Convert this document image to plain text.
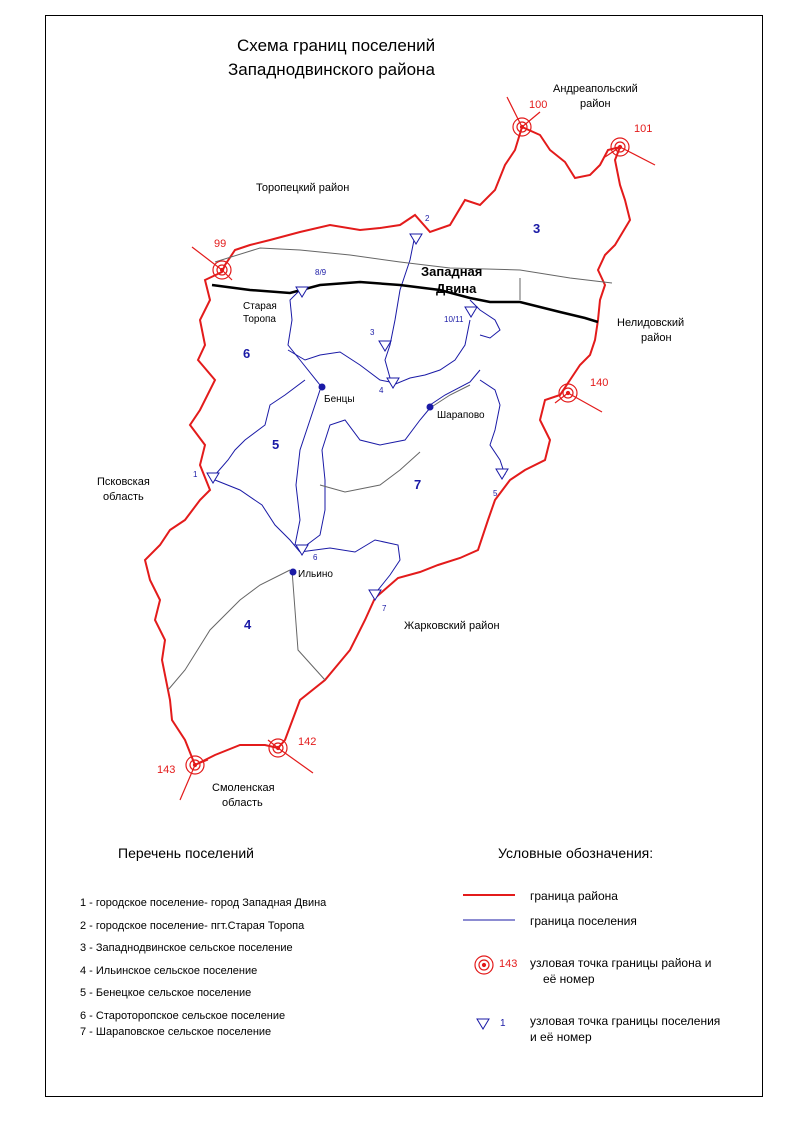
Схема границ поселений
Западнодвинского района
Андреапольский
район
Торопецкий район
Нелидовский
район
Псковская
область
Жарковский район
Смоленская
область
Западная
Двина
Старая
Торопа
Бенцы
Шарапово
Ильино
100
101
99
140
142
143
1
2
3
4
5
6
7
8/9
10/11
3
6
5
7
4
Перечень поселений
1 - городское поселение- город Западная Двина
2 - городское поселение- пгт.Старая Торопа
3 - Западнодвинское сельское поселение
4 - Ильинское сельское поселение
5 - Бенецкое сельское поселение
6 - Староторопское сельское поселение
7 - Шараповское сельское поселение
Условные обозначения:
граница района
граница поселения
143 узловая точка границы района и
её номер
1 узловая точка границы поселения
и её номер
